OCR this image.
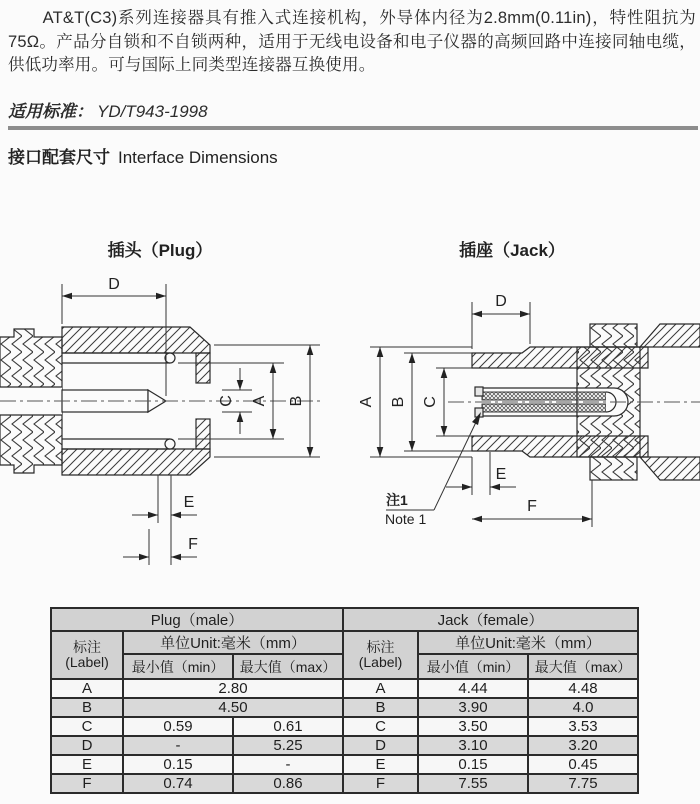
AT&T(C3)系列连接器具有推入式连接机构，外导体内径为2.8mm(0.11in)，特性阻抗为75Ω。产品分自锁和不自锁两种，适用于无线电设备和电子仪器的高频回路中连接同轴电缆，供低功率用。可与国际上同类型连接器互换使用。
适用标准： YD/T943-1998
接口配套尺寸 Interface Dimensions
插头（Plug）	插座（Jack）
D
C A B
E
F
D
A B C
E
F
注1
Note 1
Plug（male）			Jack（female）		

标注
(Label)
	单位Unit:毫米（mm）	标注
(Label)
	单位Unit:毫米（mm）
	最小值（min）	最大值（max）		最小值（min）	最大值（max）
A	2.80		A	4.44	4.48
B	4.50		B	3.90	4.0
C	0.59	0.61	C	3.50	3.53
D	-	5.25	D	3.10	3.20
E	0.15	-	E	0.15	0.45
F	0.74	0.86	F	7.55	7.75
